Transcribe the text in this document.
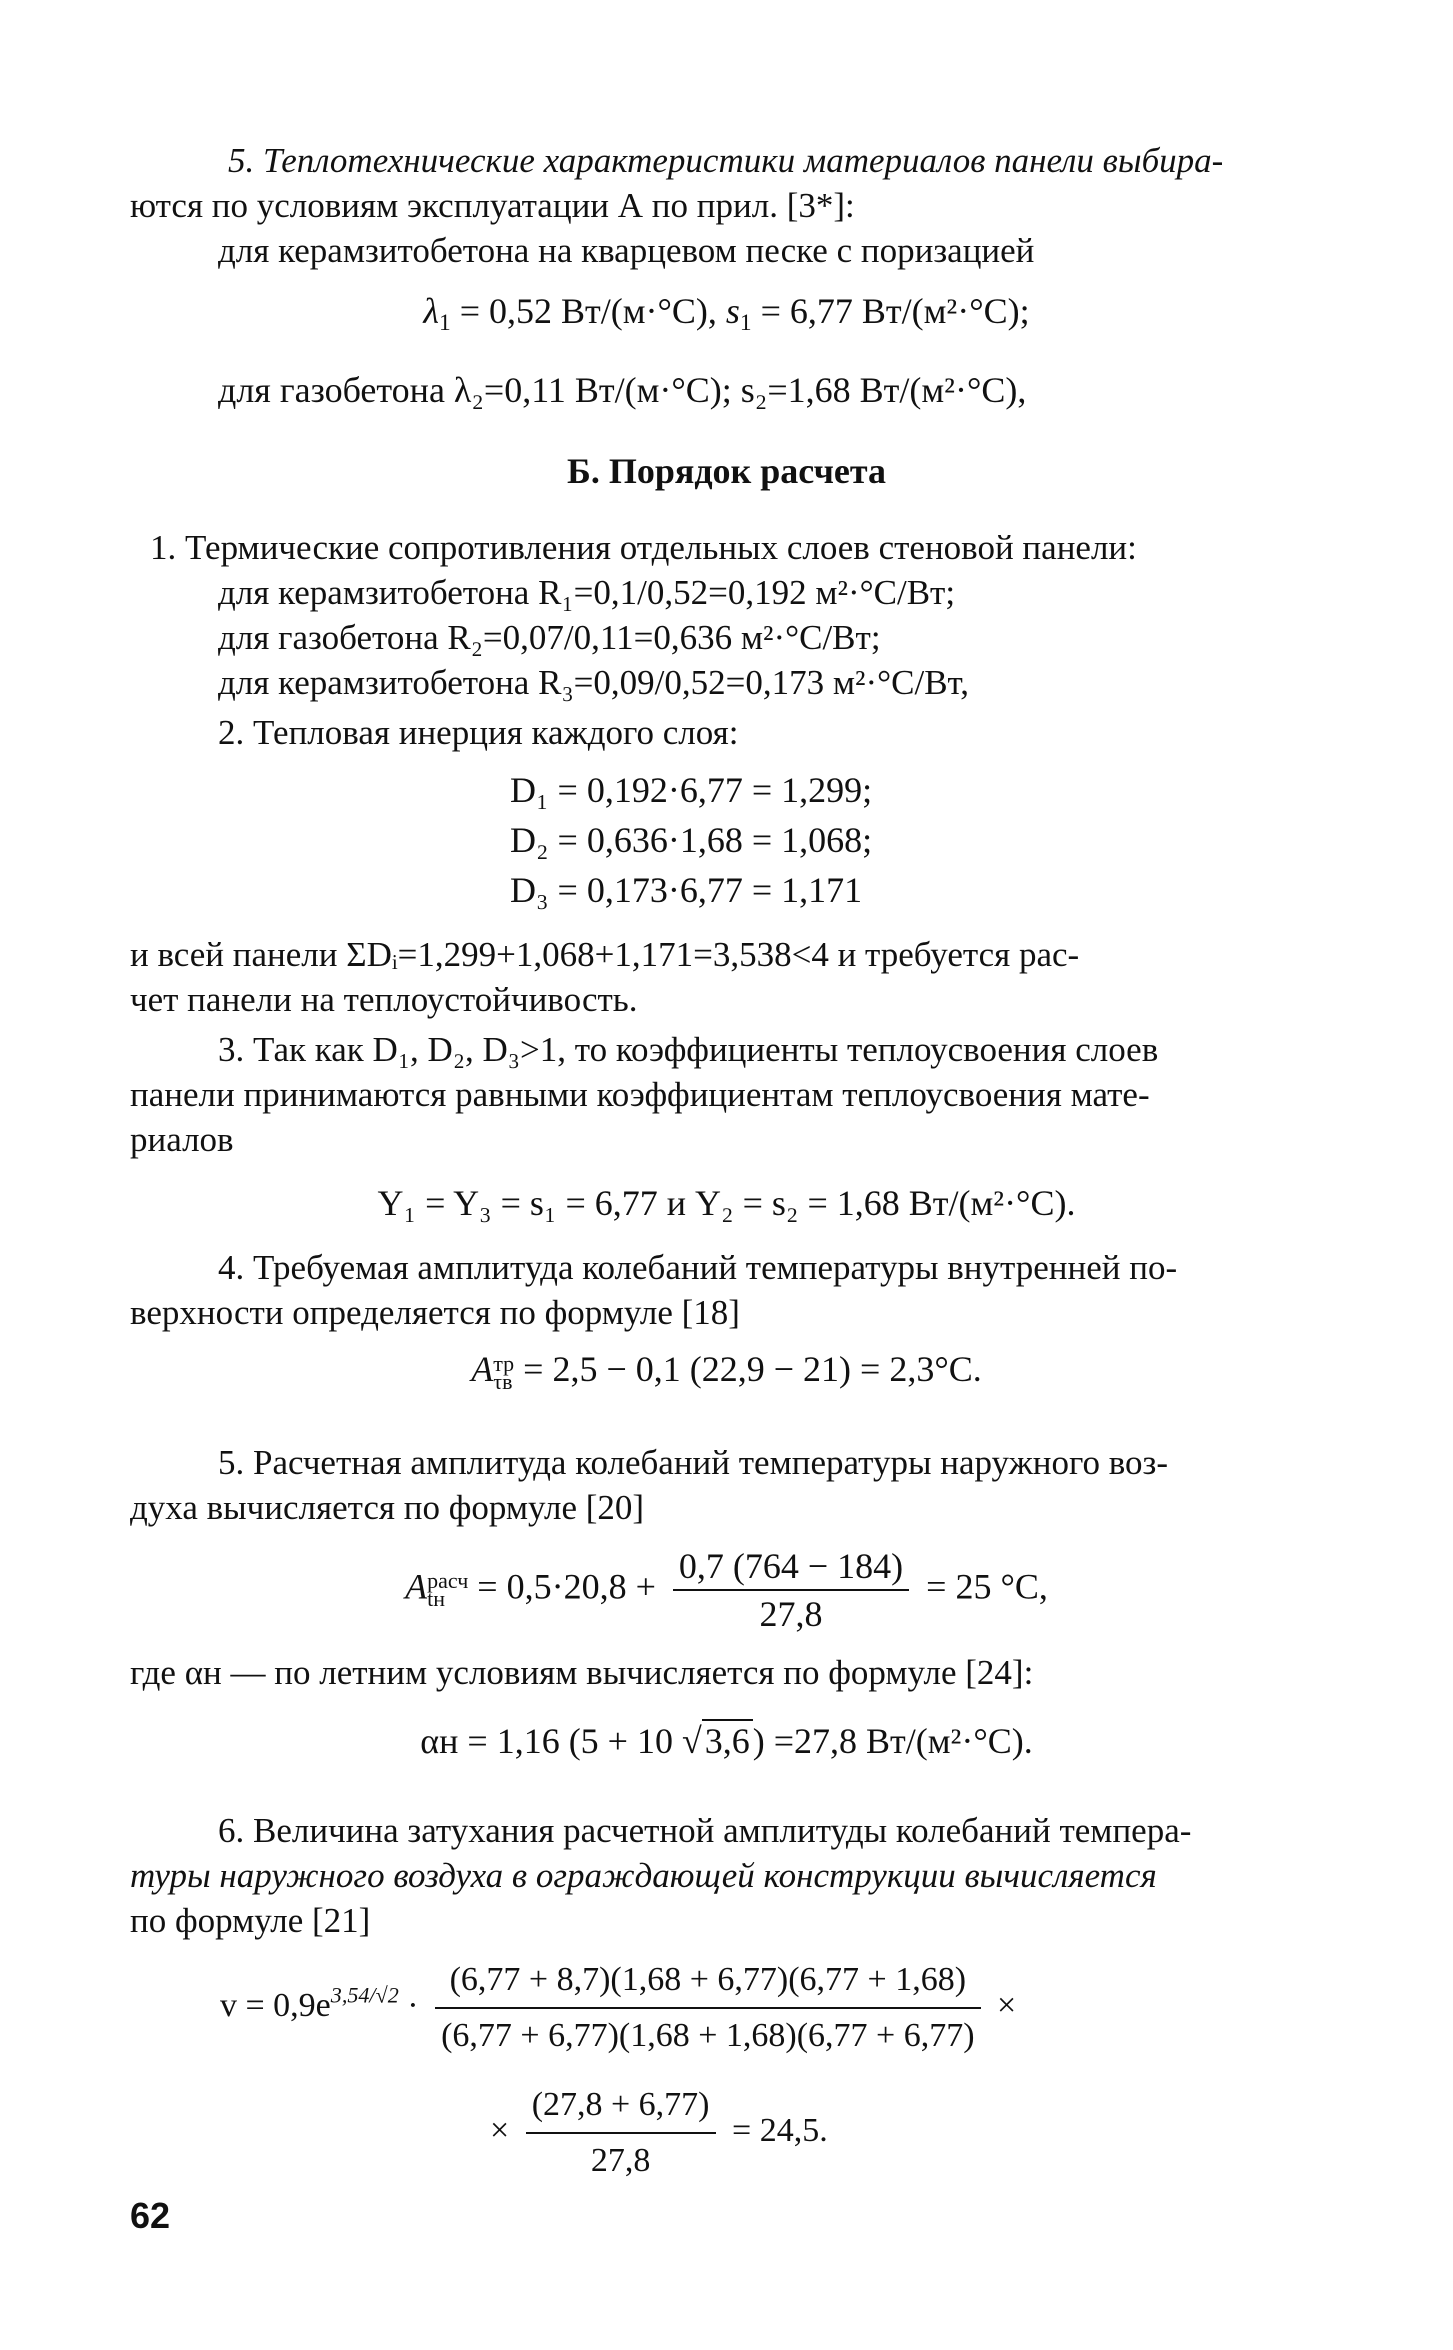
5. Теплотехнические характеристики материалов панели выбира-
ются по условиям эксплуатации А по прил. [3*]:
для керамзитобетона на кварцевом песке с поризацией
$\lambda_1 = 0,52$ Вт/(м·°С), $s_1 = 6,77$ Вт/(м²·°С);
для газобетона λ₂=0,11 Вт/(м·°С); s₂=1,68 Вт/(м²·°С),
Б. Порядок расчета
1. Термические сопротивления отдельных слоев стеновой панели:
для керамзитобетона R₁=0,1/0,52=0,192 м²·°С/Вт;
для газобетона R₂=0,07/0,11=0,636 м²·°С/Вт;
для керамзитобетона R₃=0,09/0,52=0,173 м²·°С/Вт,
2. Тепловая инерция каждого слоя:
D₁ = 0,192·6,77 = 1,299;
D₂ = 0,636·1,68 = 1,068;
D₃ = 0,173·6,77 = 1,171
и всей панели ΣDᵢ=1,299+1,068+1,171=3,538<4 и требуется рас-
чет панели на теплоустойчивость.
3. Так как D₁, D₂, D₃>1, то коэффициенты теплоусвоения слоев
панели принимаются равными коэффициентам теплоусвоения мате-
риалов
Y₁ = Y₃ = s₁ = 6,77 и Y₂ = s₂ = 1,68 Вт/(м²·°С).
4. Требуемая амплитуда колебаний температуры внутренней по-
верхности определяется по формуле [18]
A тр
τв = 2,5 − 0,1 (22,9 − 21) = 2,3°С.
5. Расчетная амплитуда колебаний температуры наружного воз-
духа вычисляется по формуле [20]
A расч
tн = $0,5\cdot 20,8 + \frac{0,7 (764 - 184)}{27,8} = 25$ °С,
где αн — по летним условиям вычисляется по формуле [24]:
αн = 1,16 (5 + 10 √3,6) =27,8 Вт/(м²·°С).
6. Величина затухания расчетной амплитуды колебаний темпера-
туры наружного воздуха в ограждающей конструкции вычисляется
по формуле [21]
$v = 0,9e^{3,54/√2} \cdot \frac{(6,77 + 8,7)(1,68 + 6,77)(6,77 + 1,68)}{(6,77 + 6,77)(1,68 + 1,68)(6,77 + 6,77)}$ ×
× $\frac{(27,8 + 6,77)}{27,8} = 24,5$.
62
